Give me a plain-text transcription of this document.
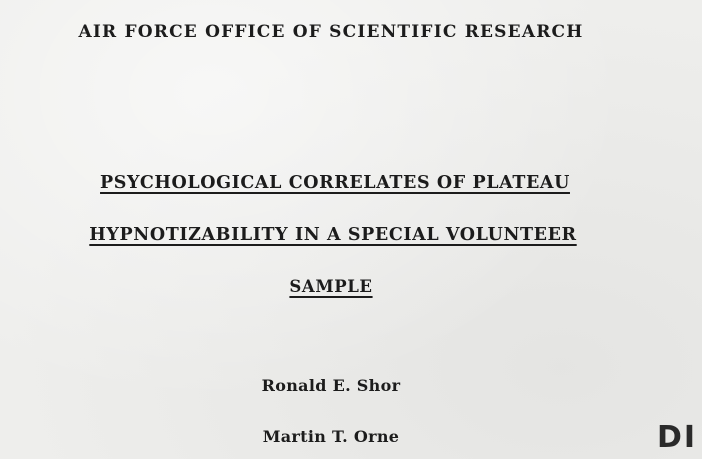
AIR FORCE OFFICE OF SCIENTIFIC RESEARCH
PSYCHOLOGICAL CORRELATES OF PLATEAU
HYPNOTIZABILITY IN A SPECIAL VOLUNTEER
SAMPLE
Ronald E. Shor
Martin T. Orne	DI
